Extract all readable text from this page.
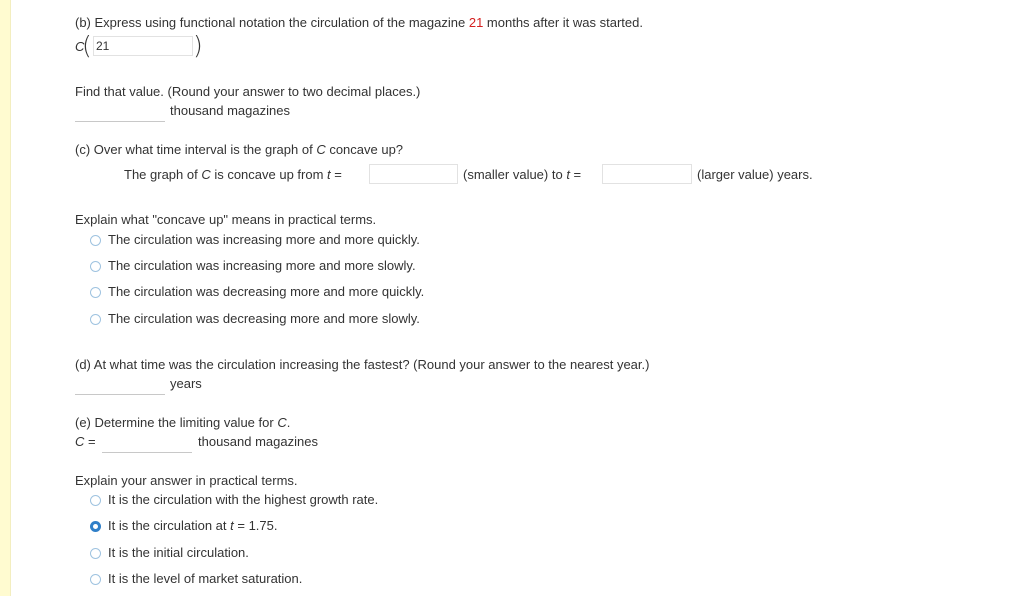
(b) Express using functional notation the circulation of the magazine 21 months after it was started.
C
(
21	)
Find that value. (Round your answer to two decimal places.)
thousand magazines
(c) Over what time interval is the graph of C concave up?
The graph of C is concave up from t =	(smaller value) to t =	(larger value) years.
Explain what "concave up" means in practical terms.
The circulation was increasing more and more quickly.
The circulation was increasing more and more slowly.
The circulation was decreasing more and more quickly.
The circulation was decreasing more and more slowly.
(d) At what time was the circulation increasing the fastest? (Round your answer to the nearest year.)
years
(e) Determine the limiting value for C.
C =	thousand magazines
Explain your answer in practical terms.
It is the circulation with the highest growth rate.
It is the circulation at t = 1.75.
It is the initial circulation.
It is the level of market saturation.
